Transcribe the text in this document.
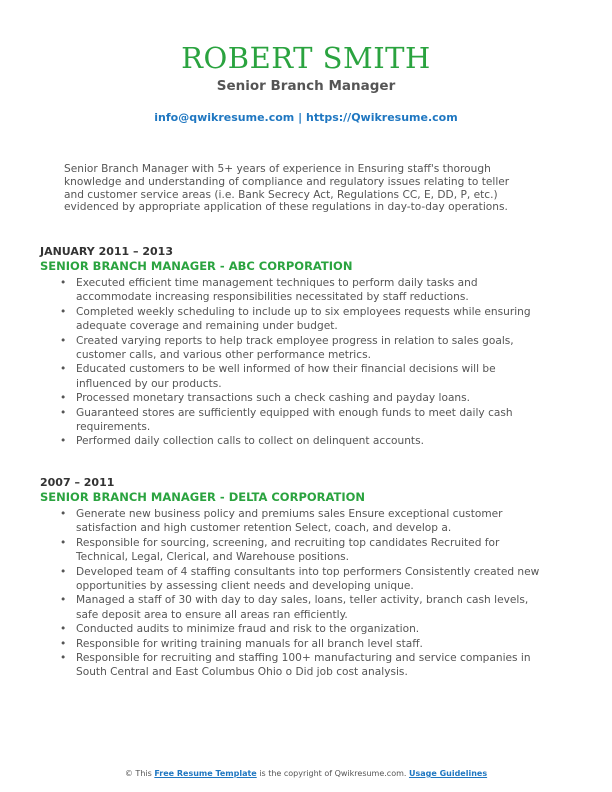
ROBERT SMITH
Senior Branch Manager
info@qwikresume.com | https://Qwikresume.com
Senior Branch Manager with 5+ years of experience in Ensuring staff's thorough knowledge and understanding of compliance and regulatory issues relating to teller and customer service areas (i.e. Bank Secrecy Act, Regulations CC, E, DD, P, etc.) evidenced by appropriate application of these regulations in day-to-day operations.
JANUARY 2011 – 2013
SENIOR BRANCH MANAGER - ABC CORPORATION
• Executed efficient time management techniques to perform daily tasks and accommodate increasing responsibilities necessitated by staff reductions.
• Completed weekly scheduling to include up to six employees requests while ensuring adequate coverage and remaining under budget.
• Created varying reports to help track employee progress in relation to sales goals, customer calls, and various other performance metrics.
• Educated customers to be well informed of how their financial decisions will be influenced by our products.
• Processed monetary transactions such a check cashing and payday loans.
• Guaranteed stores are sufficiently equipped with enough funds to meet daily cash requirements.
• Performed daily collection calls to collect on delinquent accounts.
2007 – 2011
SENIOR BRANCH MANAGER - DELTA CORPORATION
• Generate new business policy and premiums sales Ensure exceptional customer satisfaction and high customer retention Select, coach, and develop a.
• Responsible for sourcing, screening, and recruiting top candidates Recruited for Technical, Legal, Clerical, and Warehouse positions.
• Developed team of 4 staffing consultants into top performers Consistently created new opportunities by assessing client needs and developing unique.
• Managed a staff of 30 with day to day sales, loans, teller activity, branch cash levels, safe deposit area to ensure all areas ran efficiently.
• Conducted audits to minimize fraud and risk to the organization.
• Responsible for writing training manuals for all branch level staff.
• Responsible for recruiting and staffing 100+ manufacturing and service companies in South Central and East Columbus Ohio o Did job cost analysis.
© This Free Resume Template is the copyright of Qwikresume.com. Usage Guidelines
